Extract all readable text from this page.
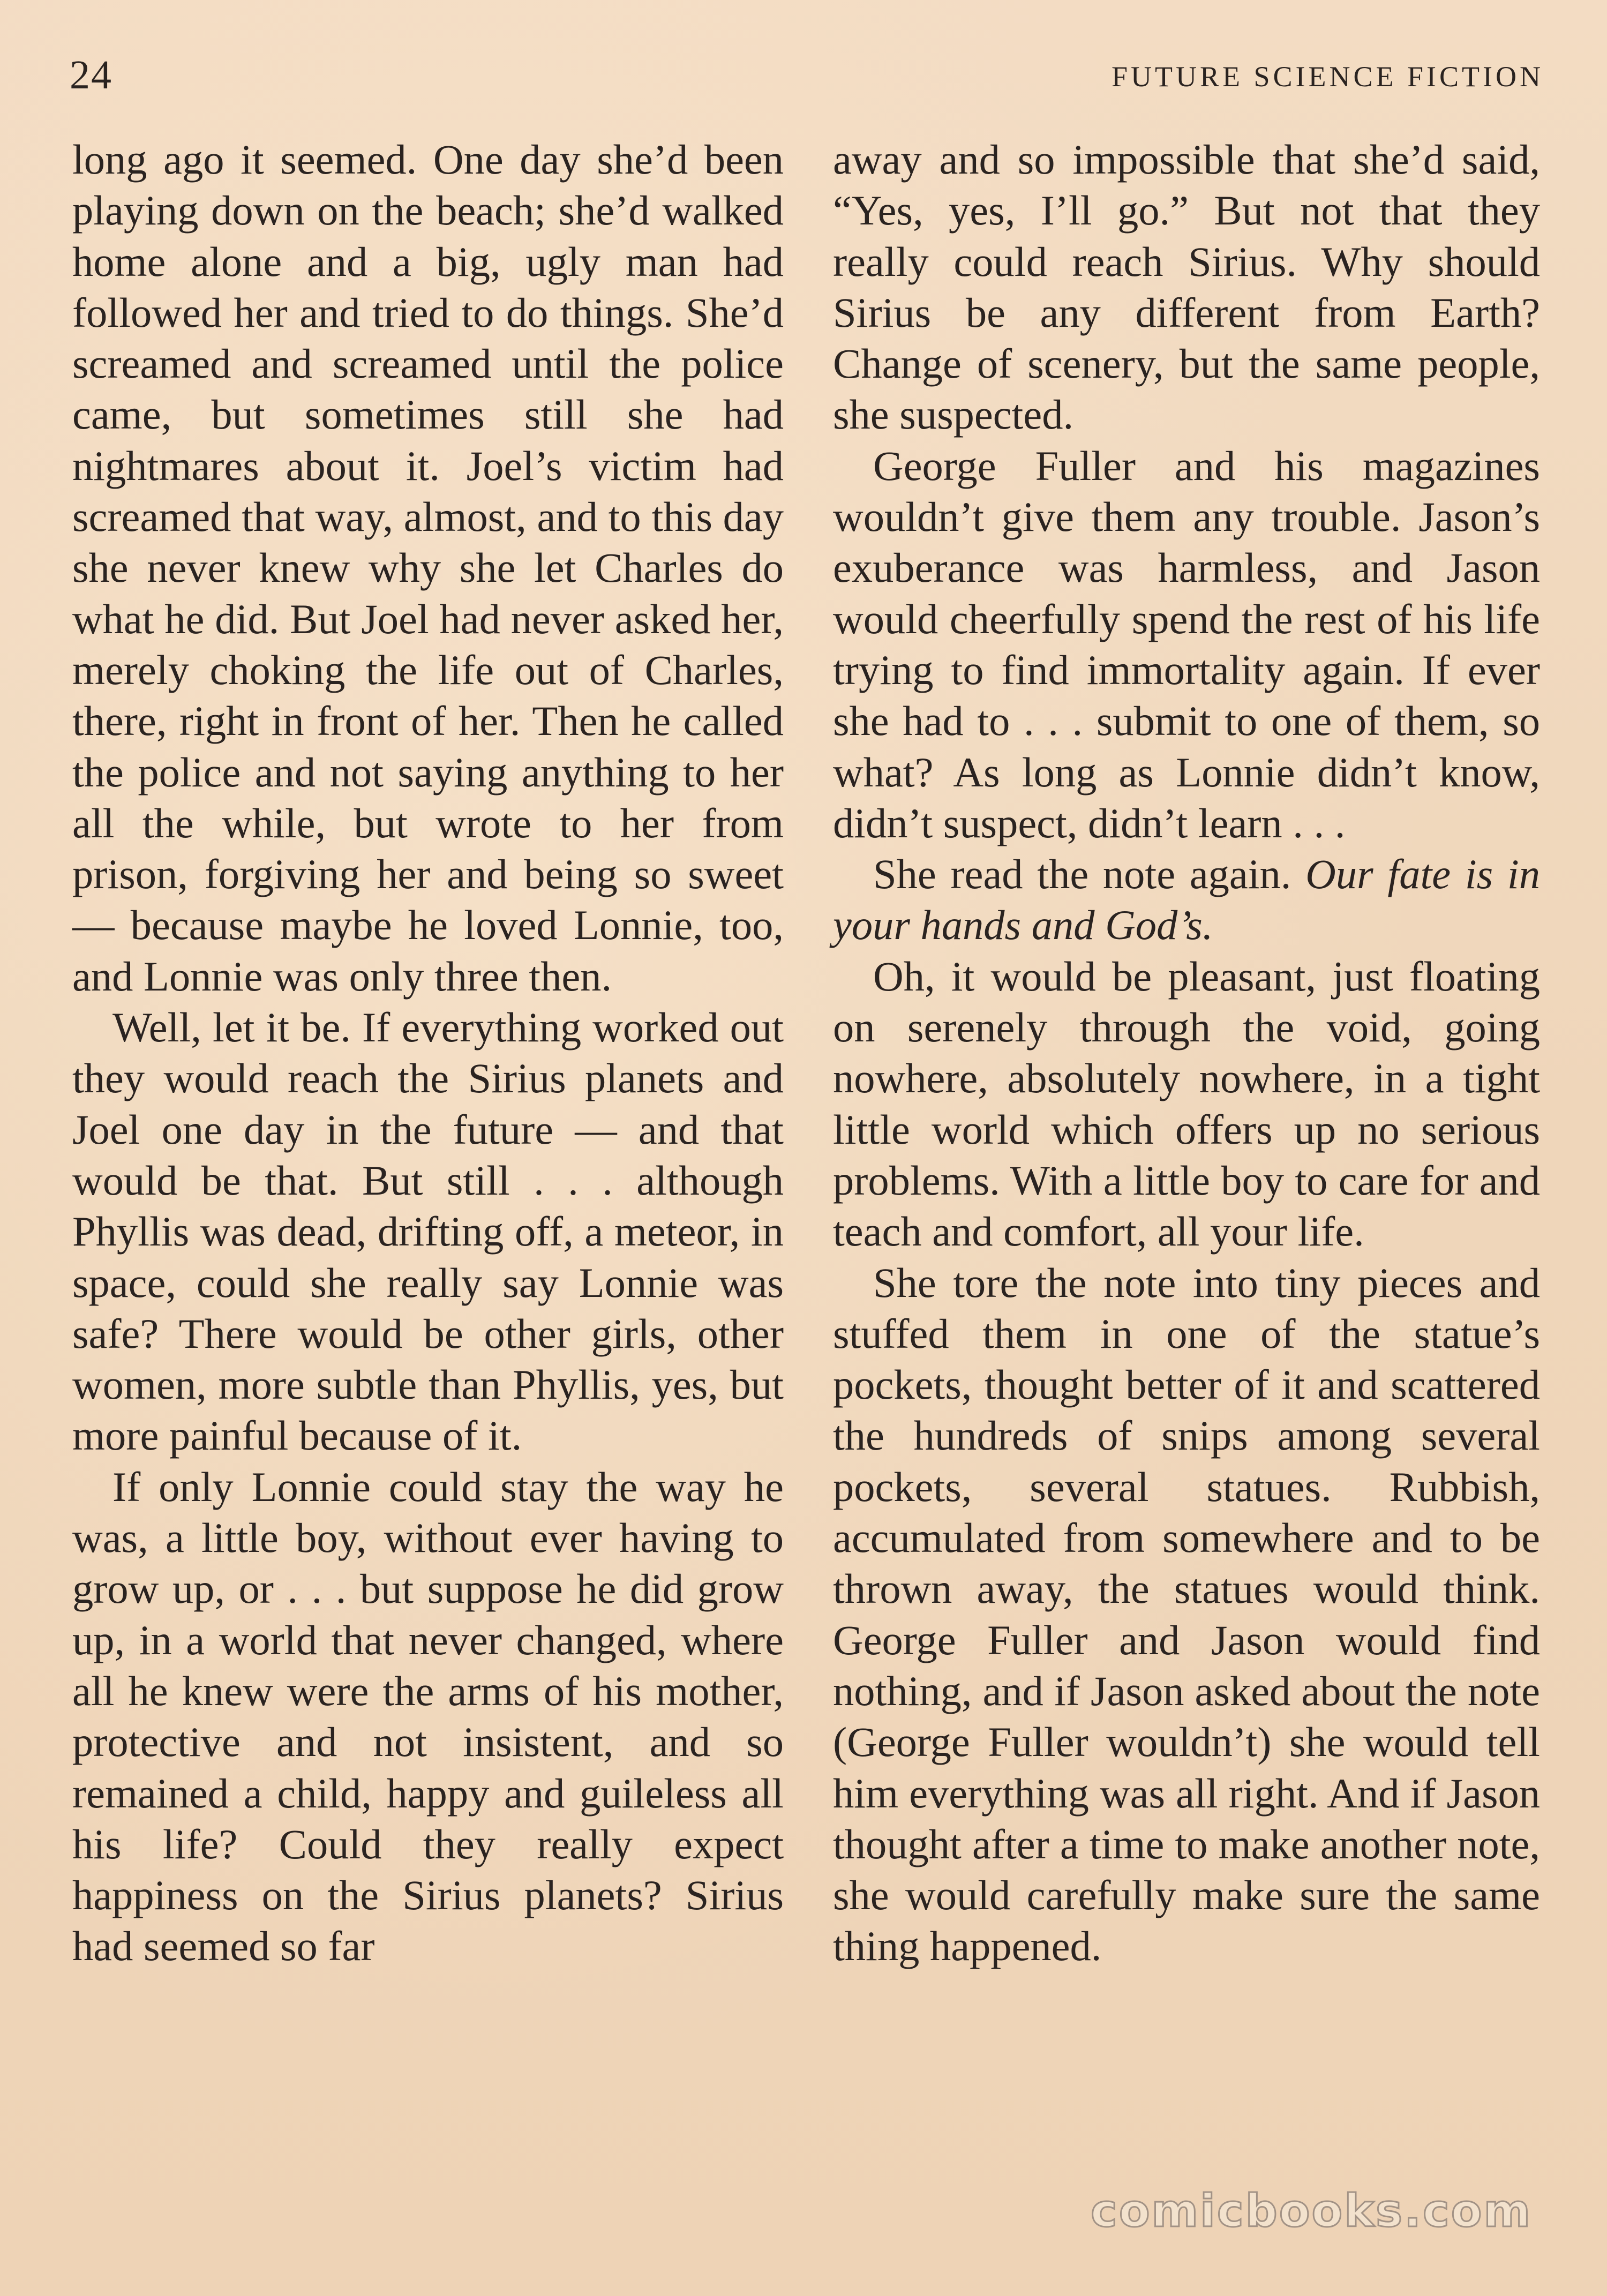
24	FUTURE SCIENCE FICTION

long ago it seemed. One day she’d been playing down on the beach; she’d walked home alone and a big, ugly man had followed her and tried to do things. She’d screamed and screamed until the police came, but sometimes still she had nightmares about it. Joel’s victim had screamed that way, almost, and to this day she never knew why she let Charles do what he did. But Joel had never asked her, merely choking the life out of Charles, there, right in front of her. Then he called the police and not saying anything to her all the while, but wrote to her from prison, forgiving her and being so sweet — because maybe he loved Lonnie, too, and Lonnie was only three then.

Well, let it be. If everything worked out they would reach the Sirius planets and Joel one day in the future — and that would be that. But still . . . although Phyllis was dead, drifting off, a meteor, in space, could she really say Lonnie was safe? There would be other girls, other women, more subtle than Phyllis, yes, but more painful because of it.

If only Lonnie could stay the way he was, a little boy, without ever having to grow up, or . . . but suppose he did grow up, in a world that never changed, where all he knew were the arms of his mother, protective and not insistent, and so remained a child, happy and guileless all his life? Could they really expect happiness on the Sirius planets? Sirius had seemed so far

away and so impossible that she’d said, “Yes, yes, I’ll go.” But not that they really could reach Sirius. Why should Sirius be any different from Earth? Change of scenery, but the same people, she suspected.

George Fuller and his magazines wouldn’t give them any trouble. Jason’s exuberance was harmless, and Jason would cheerfully spend the rest of his life trying to find immortality again. If ever she had to . . . submit to one of them, so what? As long as Lonnie didn’t know, didn’t suspect, didn’t learn . . .

She read the note again. Our fate is in your hands and God’s.

Oh, it would be pleasant, just floating on serenely through the void, going nowhere, absolutely nowhere, in a tight little world which offers up no serious problems. With a little boy to care for and teach and comfort, all your life.

She tore the note into tiny pieces and stuffed them in one of the statue’s pockets, thought better of it and scattered the hundreds of snips among several pockets, several statues. Rubbish, accumulated from somewhere and to be thrown away, the statues would think. George Fuller and Jason would find nothing, and if Jason asked about the note (George Fuller wouldn’t) she would tell him everything was all right. And if Jason thought after a time to make another note, she would carefully make sure the same thing happened.

comicbooks.com
